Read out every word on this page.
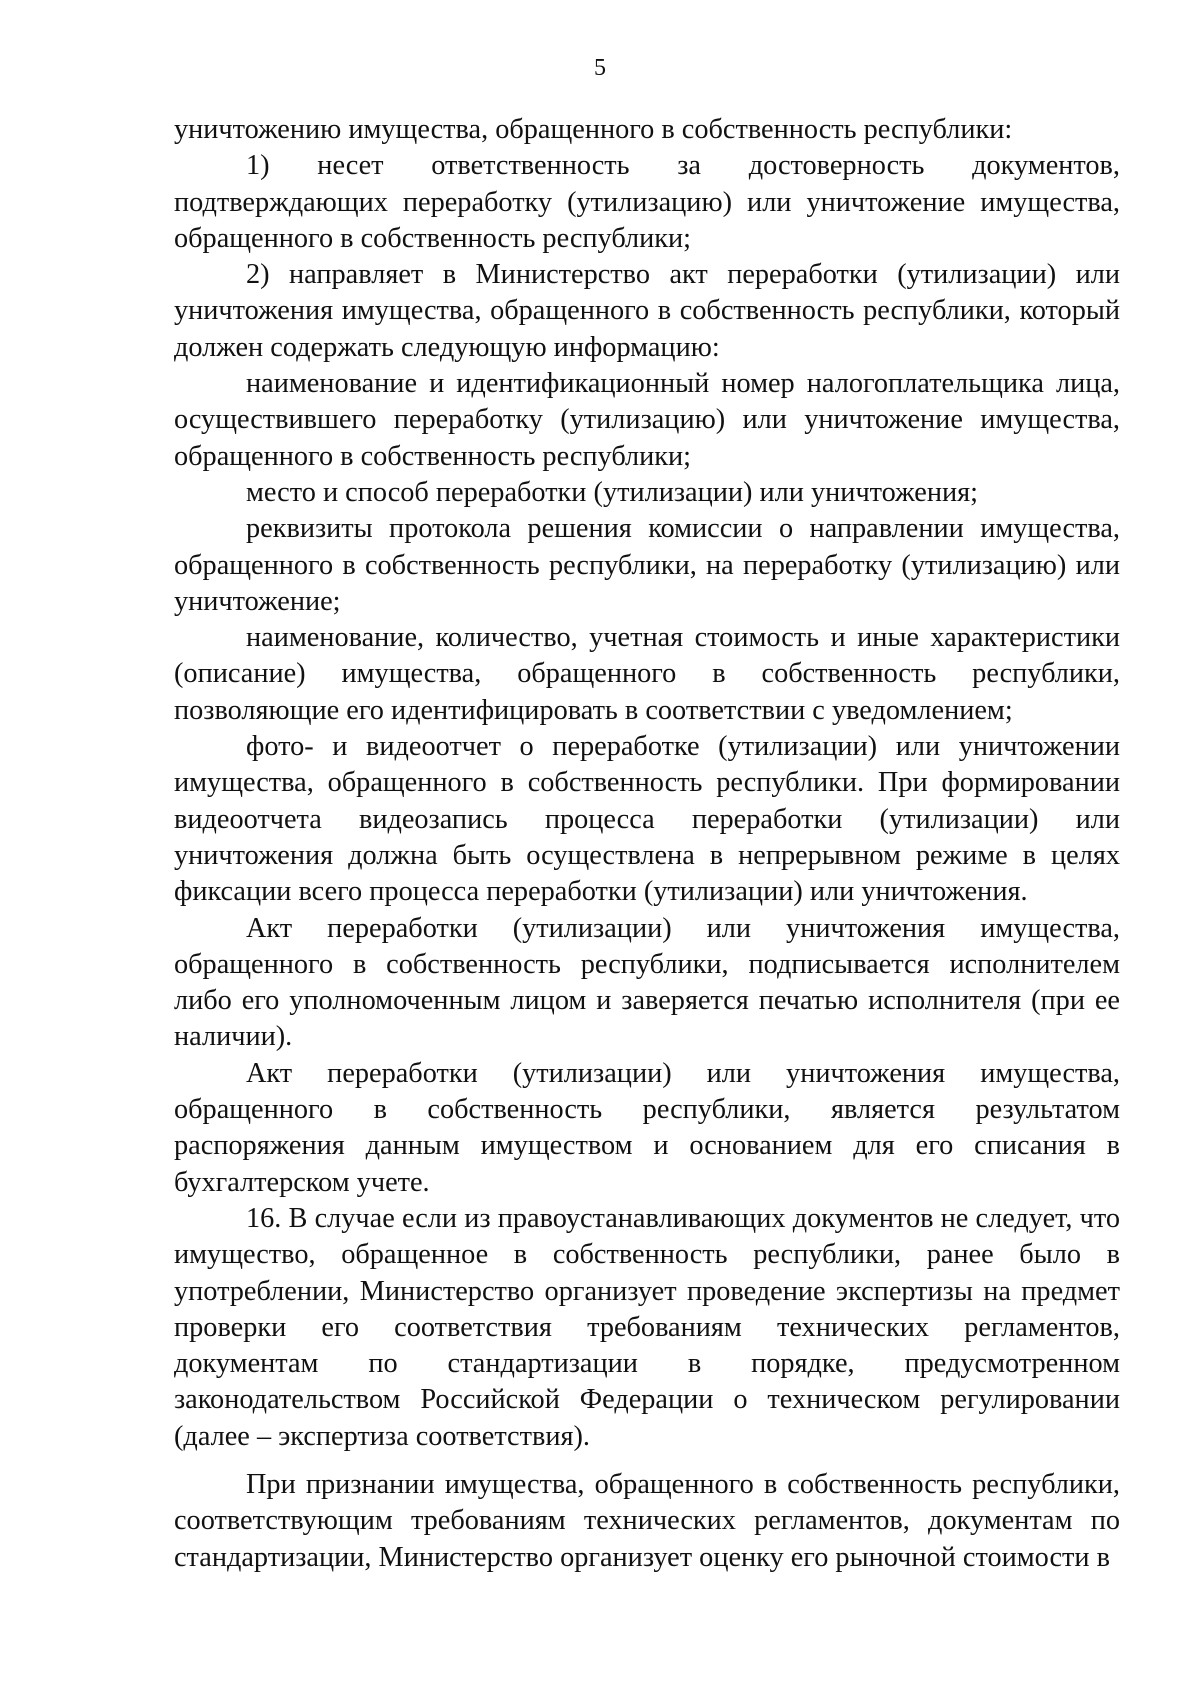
5

уничтожению имущества, обращенного в собственность республики:

1) несет ответственность за достоверность документов, подтверждающих переработку (утилизацию) или уничтожение имущества, обращенного в собственность республики;

2) направляет в Министерство акт переработки (утилизации) или уничтожения имущества, обращенного в собственность республики, который должен содержать следующую информацию:

наименование и идентификационный номер налогоплательщика лица, осуществившего переработку (утилизацию) или уничтожение имущества, обращенного в собственность республики;

место и способ переработки (утилизации) или уничтожения;

реквизиты протокола решения комиссии о направлении имущества, обращенного в собственность республики, на переработку (утилизацию) или уничтожение;

наименование, количество, учетная стоимость и иные характеристики (описание) имущества, обращенного в собственность республики, позволяющие его идентифицировать в соответствии с уведомлением;

фото- и видеоотчет о переработке (утилизации) или уничтожении имущества, обращенного в собственность республики. При формировании видеоотчета видеозапись процесса переработки (утилизации) или уничтожения должна быть осуществлена в непрерывном режиме в целях фиксации всего процесса переработки (утилизации) или уничтожения.

Акт переработки (утилизации) или уничтожения имущества, обращенного в собственность республики, подписывается исполнителем либо его уполномоченным лицом и заверяется печатью исполнителя (при ее наличии).

Акт переработки (утилизации) или уничтожения имущества, обращенного в собственность республики, является результатом распоряжения данным имуществом и основанием для его списания в бухгалтерском учете.

16. В случае если из правоустанавливающих документов не следует, что имущество, обращенное в собственность республики, ранее было в употреблении, Министерство организует проведение экспертизы на предмет проверки его соответствия требованиям технических регламентов, документам по стандартизации в порядке, предусмотренном законодательством Российской Федерации о техническом регулировании (далее – экспертиза соответствия).

При признании имущества, обращенного в собственность республики, соответствующим требованиям технических регламентов, документам по стандартизации, Министерство организует оценку его рыночной стоимости в
